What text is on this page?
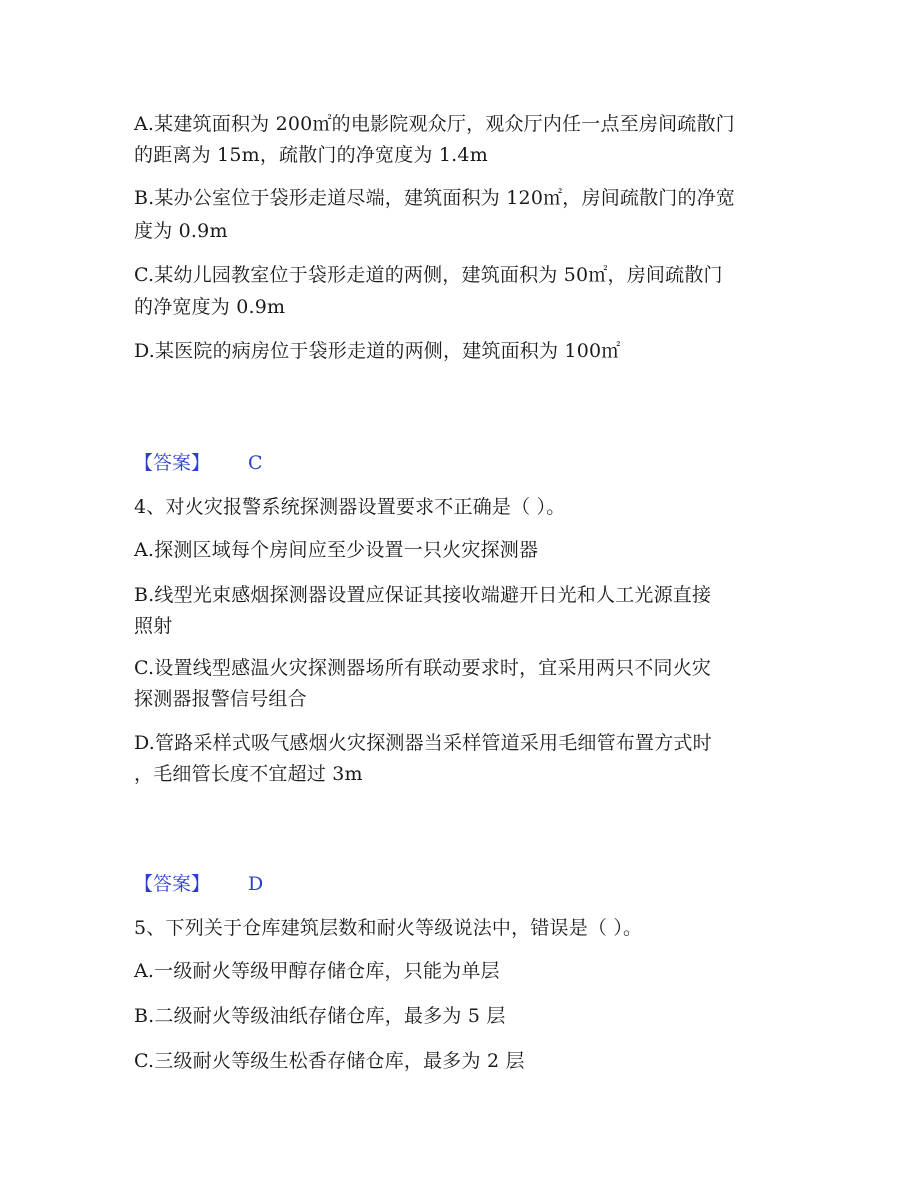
A.某建筑面积为 200㎡的电影院观众厅，观众厅内任一点至房间疏散门
的距离为 15m，疏散门的净宽度为 1.4m
B.某办公室位于袋形走道尽端，建筑面积为 120㎡，房间疏散门的净宽
度为 0.9m
C.某幼儿园教室位于袋形走道的两侧，建筑面积为 50㎡，房间疏散门
的净宽度为 0.9m
D.某医院的病房位于袋形走道的两侧，建筑面积为 100㎡
【答案】 C
4、对火灾报警系统探测器设置要求不正确是（ ）。
A.探测区域每个房间应至少设置一只火灾探测器
B.线型光束感烟探测器设置应保证其接收端避开日光和人工光源直接
照射
C.设置线型感温火灾探测器场所有联动要求时，宜采用两只不同火灾
探测器报警信号组合
D.管路采样式吸气感烟火灾探测器当采样管道采用毛细管布置方式时
，毛细管长度不宜超过 3m
【答案】 D
5、下列关于仓库建筑层数和耐火等级说法中，错误是（ ）。
A.一级耐火等级甲醇存储仓库，只能为单层
B.二级耐火等级油纸存储仓库，最多为 5 层
C.三级耐火等级生松香存储仓库，最多为 2 层
